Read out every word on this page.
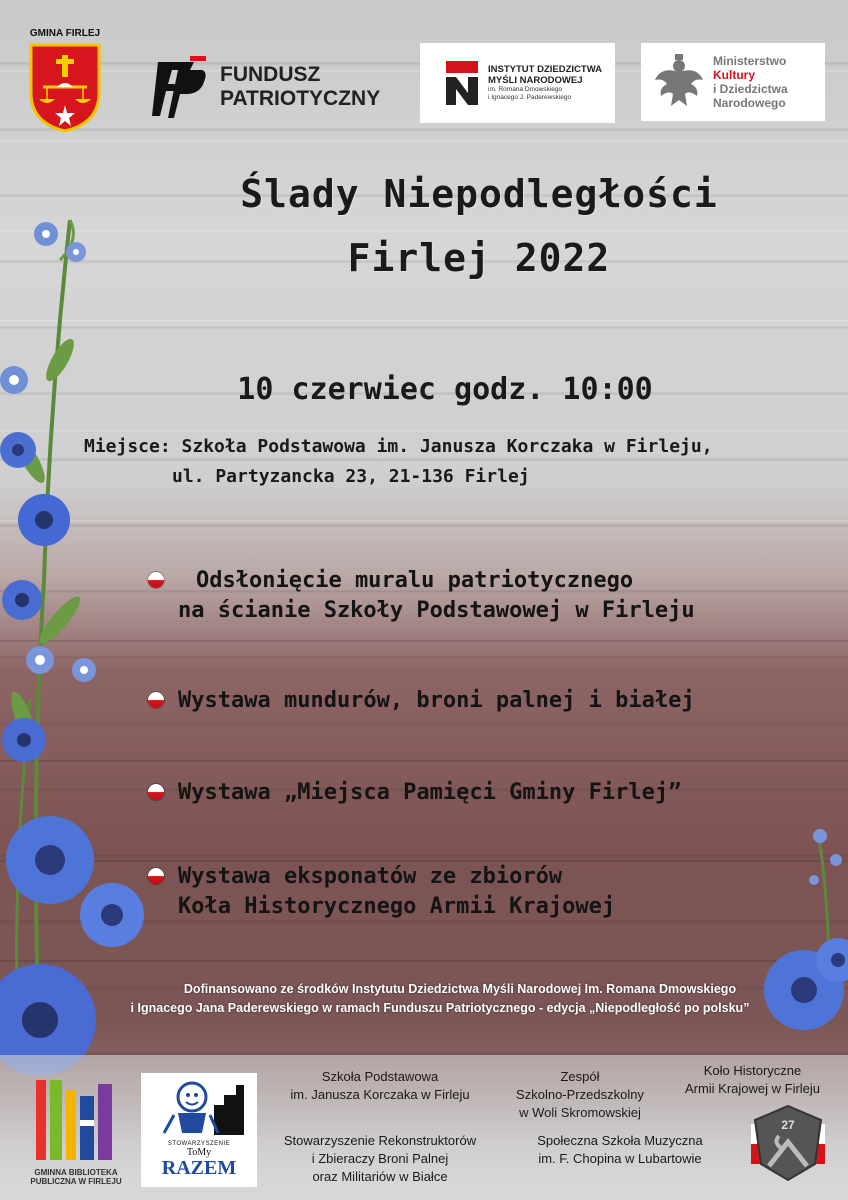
GMINA FIRLEJ
FUNDUSZ
PATRIOTYCZNY
INSTYTUT DZIEDZICTWA
MYŚLI NARODOWEJ
im. Romana Dmowskiego
i Ignacego J. Paderewskiego
Ministerstwo
Kultury
i Dziedzictwa
Narodowego
Ślady Niepodległości
Firlej 2022
10 czerwiec godz. 10:00
Miejsce: Szkoła Podstawowa im. Janusza Korczaka w Firleju,
ul. Partyzancka 23, 21-136 Firlej
Odsłonięcie muralu patriotycznego
na ścianie Szkoły Podstawowej w Firleju
Wystawa mundurów, broni palnej i białej
Wystawa „Miejsca Pamięci Gminy Firlej”
Wystawa eksponatów ze zbiorów
Koła Historycznego Armii Krajowej
Dofinansowano ze środków Instytutu Dziedzictwa Myśli Narodowej Im. Romana Dmowskiego
i Ignacego Jana Paderewskiego w ramach Funduszu Patriotycznego - edycja „Niepodległość po polsku”
GMINNA BIBLIOTEKA
PUBLICZNA W FIRLEJU
STOWARZYSZENIE
ToMy
RAZEM
Szkoła Podstawowa
im. Janusza Korczaka w Firleju
Zespół
Szkolno-Przedszkolny
w Woli Skromowskiej
Koło Historyczne
Armii Krajowej w Firleju
Stowarzyszenie Rekonstruktorów
i Zbieraczy Broni Palnej
oraz Militariów w Białce
Społeczna Szkoła Muzyczna
im. F. Chopina w Lubartowie
27
